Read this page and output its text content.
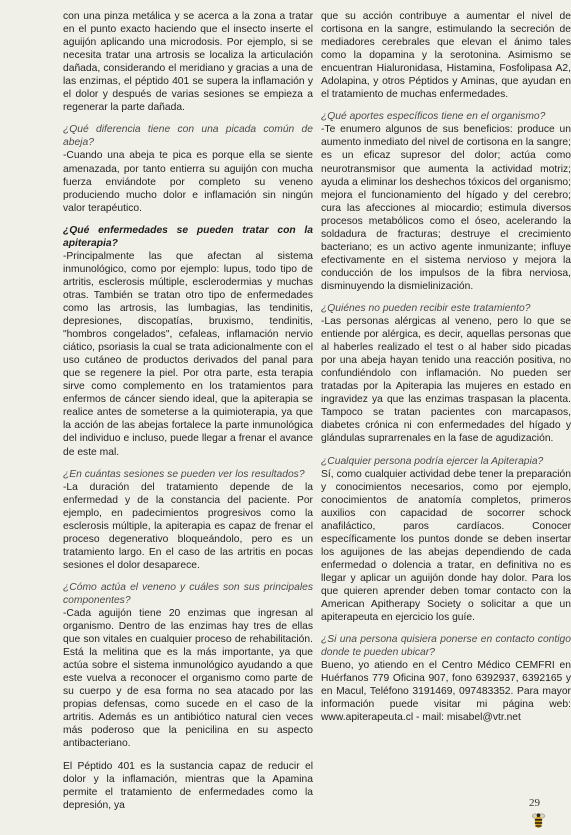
con una pinza metálica y se acerca a la zona a tratar en el punto exacto haciendo que el insecto inserte el aguijón aplicando una microdosis. Por ejemplo, si se necesita tratar una artrosis se localiza la articulación dañada, considerando el meridiano y gracias a una de las enzimas, el péptido 401 se supera la inflamación y el dolor y después de varias sesiones se empieza a regenerar la parte dañada.

¿Qué diferencia tiene con una picada común de abeja?

-Cuando una abeja te pica es porque ella se siente amenazada, por tanto entierra su aguijón con mucha fuerza enviándote por completo su veneno produciendo mucho dolor e inflamación sin ningún valor terapéutico.

¿Qué enfermedades se pueden tratar con la apiterapia?

-Principalmente las que afectan al sistema inmunológico, como por ejemplo: lupus, todo tipo de artritis, esclerosis múltiple, esclerodermias y muchas otras. También se tratan otro tipo de enfermedades como las artrosis, las lumbagias, las tendinitis, depresiones, discopatías, bruxismo, tendinitis, "hombros congelados", cefaleas, inflamación nervio ciático, psoriasis la cual se trata adicionalmente con el uso cutáneo de productos derivados del panal para que se regenere la piel. Por otra parte, esta terapia sirve como complemento en los tratamientos para enfermos de cáncer siendo ideal, que la apiterapia se realice antes de someterse a la quimioterapia, ya que la acción de las abejas fortalece la parte inmunológica del individuo e incluso, puede llegar a frenar el avance de este mal.

¿En cuántas sesiones se pueden ver los resultados?

-La duración del tratamiento depende de la enfermedad y de la constancia del paciente. Por ejemplo, en padecimientos progresivos como la esclerosis múltiple, la apiterapia es capaz de frenar el proceso degenerativo bloqueándolo, pero es un tratamiento largo. En el caso de las artritis en pocas sesiones el dolor desaparece.

¿Cómo actúa el veneno y cuáles son sus principales componentes?

-Cada aguijón tiene 20 enzimas que ingresan al organismo. Dentro de las enzimas hay tres de ellas que son vitales en cualquier proceso de rehabilitación. Está la melitina que es la más importante, ya que actúa sobre el sistema inmunológico ayudando a que este vuelva a reconocer el organismo como parte de su cuerpo y de esa forma no sea atacado por las propias defensas, como sucede en el caso de la artritis. Además es un antibiótico natural cien veces más poderoso que la penicilina en su aspecto antibacteriano.

El Péptido 401 es la sustancia capaz de reducir el dolor y la inflamación, mientras que la Apamina permite el tratamiento de enfermedades como la depresión, ya

que su acción contribuye a aumentar el nivel de cortisona en la sangre, estimulando la secreción de mediadores cerebrales que elevan el ánimo tales como la dopamina y la serotonina. Asimismo se encuentran Hialuronidasa, Histamina, Fosfolipasa A2, Adolapina, y otros Péptidos y Aminas, que ayudan en el tratamiento de muchas enfermedades.

¿Qué aportes específicos tiene en el organismo?

-Te enumero algunos de sus beneficios: produce un aumento inmediato del nivel de cortisona en la sangre; es un eficaz supresor del dolor; actúa como neurotransmisor que aumenta la actividad motriz; ayuda a eliminar los deshechos tóxicos del organismo; mejora el funcionamiento del hígado y del cerebro; cura las afecciones al miocardio; estimula diversos procesos metabólicos como el óseo, acelerando la soldadura de fracturas; destruye el crecimiento bacteriano; es un activo agente inmunizante; influye efectivamente en el sistema nervioso y mejora la conducción de los impulsos de la fibra nerviosa, disminuyendo la dismielinización.

¿Quiénes no pueden recibir este tratamiento?

-Las personas alérgicas al veneno, pero lo que se entiende por alérgica, es decir, aquellas personas que al haberles realizado el test o al haber sido picadas por una abeja hayan tenido una reacción positiva, no confundiéndolo con inflamación. No pueden ser tratadas por la Apiterapia las mujeres en estado en ingravidez ya que las enzimas traspasan la placenta. Tampoco se tratan pacientes con marcapasos, diabetes crónica ni con enfermedades del hígado y glándulas suprarrenales en la fase de agudización.

¿Cualquier persona podría ejercer la Apiterapia?

Sí, como cualquier actividad debe tener la preparación y conocimientos necesarios, como por ejemplo, conocimientos de anatomía completos, primeros auxilios con capacidad de socorrer schock anafiláctico, paros cardíacos. Conocer específicamente los puntos donde se deben insertar los aguijones de las abejas dependiendo de cada enfermedad o dolencia a tratar, en definitiva no es llegar y aplicar un aguijón donde hay dolor. Para los que quieren aprender deben tomar contacto con la American Apitherapy Society o solicitar a que un apiterapeuta en ejercicio los guíe.

¿Si una persona quisiera ponerse en contacto contigo donde te pueden ubicar?

Bueno, yo atiendo en el Centro Médico CEMFRI en Huérfanos 779 Oficina 907, fono 6392937, 6392165 y en Macul, Teléfono 3191469, 097483352. Para mayor información puede visitar mi página web: www.apiterapeuta.cl - mail: misabel@vtr.net

29
